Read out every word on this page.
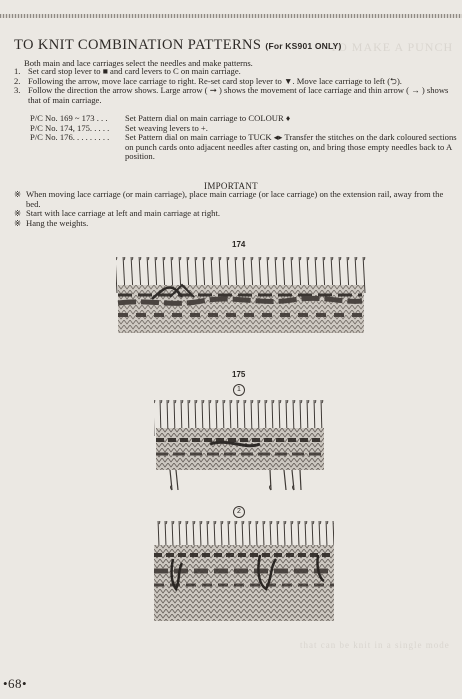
TO MAKE A PUNCH
TO KNIT COMBINATION PATTERNS (For KS901 ONLY)
Both main and lace carriages select the needles and make patterns.
1. Set card stop lever to ■ and card levers to C on main carriage.
2. Following the arrow, move lace carriage to right. Re-set card stop lever to ▼. Move lace carriage to left (⮌).
3. Follow the direction the arrow shows. Large arrow ( ➞ ) shows the movement of lace carriage and thin arrow ( → ) shows that of main carriage.
P/C No. 169 ~ 173 . . .	Set Pattern dial on main carriage to COLOUR ♦
P/C No. 174, 175. . . . .	Set weaving levers to +.
P/C No. 176. . . . . . . . .	Set Pattern dial on main carriage to TUCK ◂▸ Transfer the stitches on the dark coloured sections on punch cards onto adjacent needles after casting on, and bring those empty needles back to A position.
IMPORTANT
※ When moving lace carriage (or main carriage), place main carriage (or lace carriage) on the extension rail, away from the bed.
※ Start with lace carriage at left and main carriage at right.
※ Hang the weights.
174
175
1
2
that can be knit in a single mode
•68•
